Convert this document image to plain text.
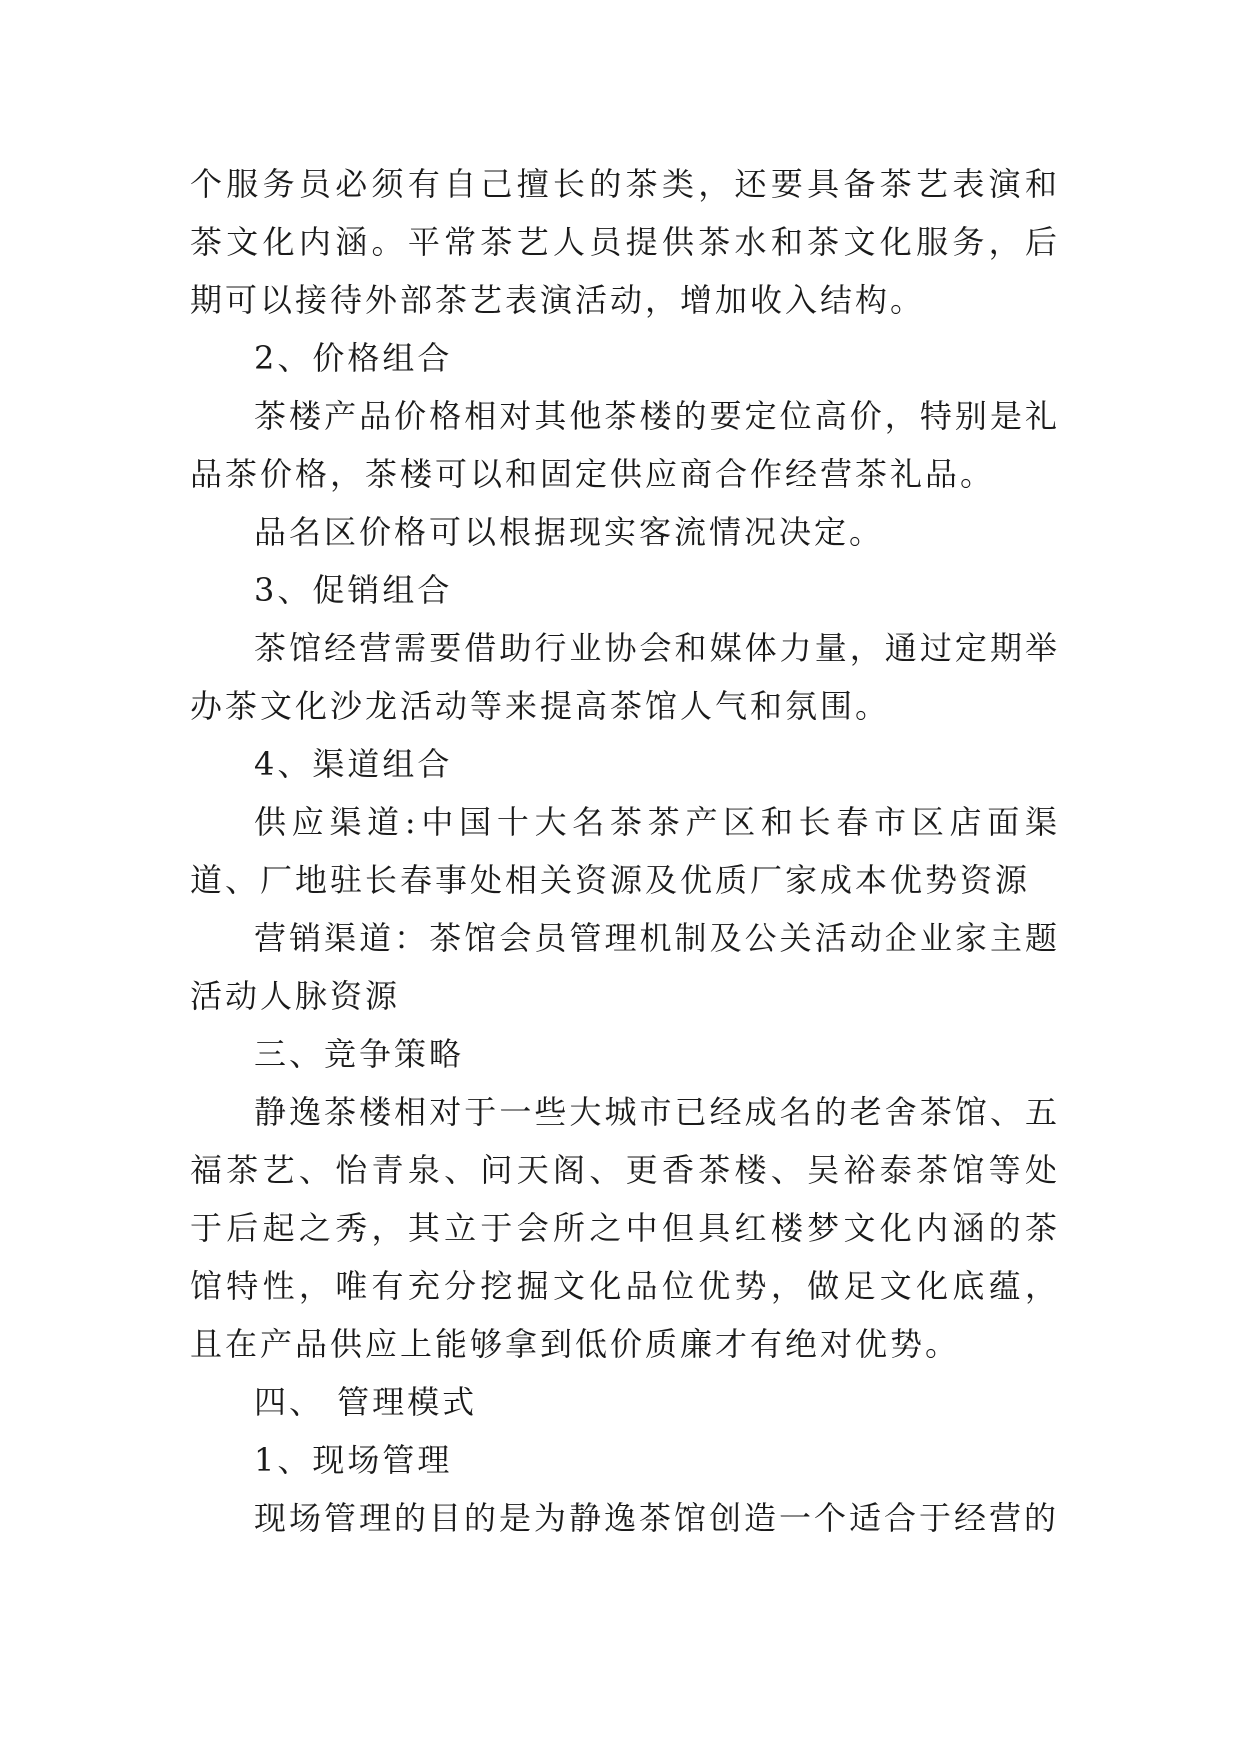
个服务员必须有自己擅长的茶类，还要具备茶艺表演和茶文化内涵。平常茶艺人员提供茶水和茶文化服务，后期可以接待外部茶艺表演活动，增加收入结构。

2、价格组合

茶楼产品价格相对其他茶楼的要定位高价，特别是礼品茶价格，茶楼可以和固定供应商合作经营茶礼品。

品名区价格可以根据现实客流情况决定。

3、促销组合

茶馆经营需要借助行业协会和媒体力量，通过定期举办茶文化沙龙活动等来提高茶馆人气和氛围。

4、渠道组合

供应渠道:中国十大名茶茶产区和长春市区店面渠道、厂地驻长春事处相关资源及优质厂家成本优势资源

营销渠道：茶馆会员管理机制及公关活动企业家主题活动人脉资源

三、竞争策略

静逸茶楼相对于一些大城市已经成名的老舍茶馆、五福茶艺、怡青泉、问天阁、更香茶楼、吴裕泰茶馆等处于后起之秀，其立于会所之中但具红楼梦文化内涵的茶馆特性，唯有充分挖掘文化品位优势，做足文化底蕴，且在产品供应上能够拿到低价质廉才有绝对优势。

四、 管理模式

1、现场管理

现场管理的目的是为静逸茶馆创造一个适合于经营的
